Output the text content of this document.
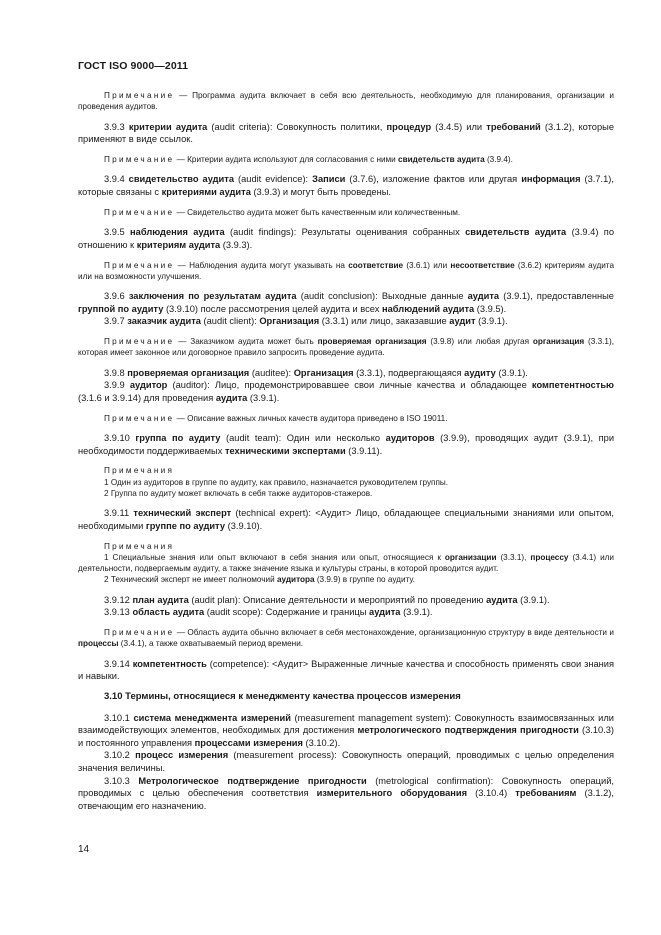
ГОСТ ISO 9000—2011

Примечание — Программа аудита включает в себя всю деятельность, необходимую для планирования, организации и проведения аудитов.

3.9.3 критерии аудита (audit criteria): Совокупность политики, процедур (3.4.5) или требований (3.1.2), которые применяют в виде ссылок.

Примечание — Критерии аудита используют для согласования с ними свидетельств аудита (3.9.4).

3.9.4 свидетельство аудита (audit evidence): Записи (3.7.6), изложение фактов или другая информация (3.7.1), которые связаны с критериями аудита (3.9.3) и могут быть проведены.

Примечание — Свидетельство аудита может быть качественным или количественным.

3.9.5 наблюдения аудита (audit findings): Результаты оценивания собранных свидетельств аудита (3.9.4) по отношению к критериям аудита (3.9.3).

Примечание — Наблюдения аудита могут указывать на соответствие (3.6.1) или несоответствие (3.6.2) критериям аудита или на возможности улучшения.

3.9.6 заключения по результатам аудита (audit conclusion): Выходные данные аудита (3.9.1), предоставленные группой по аудиту (3.9.10) после рассмотрения целей аудита и всех наблюдений аудита (3.9.5).

3.9.7 заказчик аудита (audit client): Организация (3.3.1) или лицо, заказавшие аудит (3.9.1).

Примечание — Заказчиком аудита может быть проверяемая организация (3.9.8) или любая другая организация (3.3.1), которая имеет законное или договорное правило запросить проведение аудита.

3.9.8 проверяемая организация (auditee): Организация (3.3.1), подвергающаяся аудиту (3.9.1).

3.9.9 аудитор (auditor): Лицо, продемонстрировавшее свои личные качества и обладающее компетентностью (3.1.6 и 3.9.14) для проведения аудита (3.9.1).

Примечание — Описание важных личных качеств аудитора приведено в ISO 19011.

3.9.10 группа по аудиту (audit team): Один или несколько аудиторов (3.9.9), проводящих аудит (3.9.1), при необходимости поддерживаемых техническими экспертами (3.9.11).

Примечания

1 Один из аудиторов в группе по аудиту, как правило, назначается руководителем группы.

2 Группа по аудиту может включать в себя также аудиторов-стажеров.

3.9.11 технический эксперт (technical expert): <Аудит> Лицо, обладающее специальными знаниями или опытом, необходимыми группе по аудиту (3.9.10).

Примечания

1 Специальные знания или опыт включают в себя знания или опыт, относящиеся к организации (3.3.1), процессу (3.4.1) или деятельности, подвергаемым аудиту, а также значение языка и культуры страны, в которой проводится аудит.

2 Технический эксперт не имеет полномочий аудитора (3.9.9) в группе по аудиту.

3.9.12 план аудита (audit plan): Описание деятельности и мероприятий по проведению аудита (3.9.1).

3.9.13 область аудита (audit scope): Содержание и границы аудита (3.9.1).

Примечание — Область аудита обычно включает в себя местонахождение, организационную структуру в виде деятельности и процессы (3.4.1), а также охватываемый период времени.

3.9.14 компетентность (competence): <Аудит> Выраженные личные качества и способность применять свои знания и навыки.

3.10 Термины, относящиеся к менеджменту качества процессов измерения

3.10.1 система менеджмента измерений (measurement management system): Совокупность взаимосвязанных или взаимодействующих элементов, необходимых для достижения метрологического подтверждения пригодности (3.10.3) и постоянного управления процессами измерения (3.10.2).

3.10.2 процесс измерения (measurement process): Совокупность операций, проводимых с целью определения значения величины.

3.10.3 Метрологическое подтверждение пригодности (metrological confirmation): Совокупность операций, проводимых с целью обеспечения соответствия измерительного оборудования (3.10.4) требованиям (3.1.2), отвечающим его назначению.

14
